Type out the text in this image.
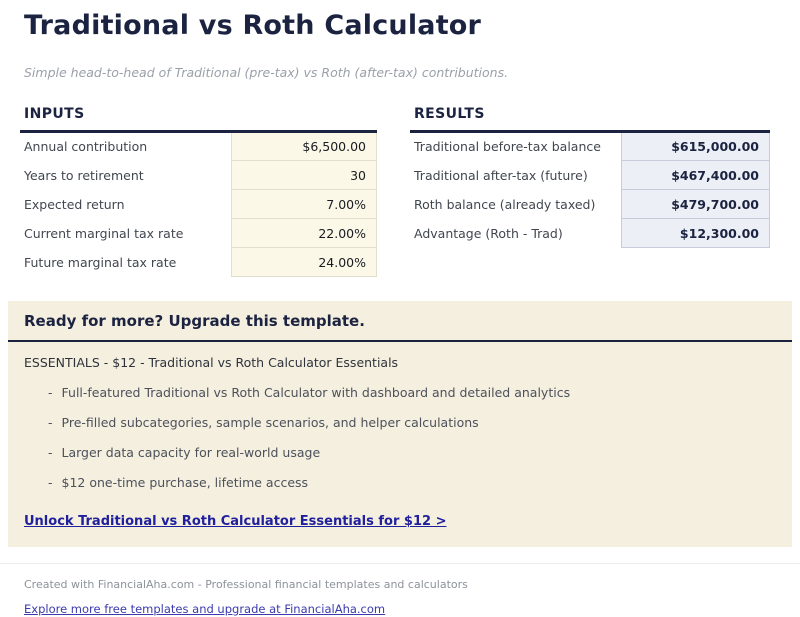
Traditional vs Roth Calculator
Simple head-to-head of Traditional (pre-tax) vs Roth (after-tax) contributions.
INPUTS
Annual contribution	$6,500.00
Years to retirement	30
Expected return	7.00%
Current marginal tax rate	22.00%
Future marginal tax rate	24.00%
RESULTS
Traditional before-tax balance	$615,000.00
Traditional after-tax (future)	$467,400.00
Roth balance (already taxed)	$479,700.00
Advantage (Roth - Trad)	$12,300.00
Ready for more? Upgrade this template.
ESSENTIALS - $12 - Traditional vs Roth Calculator Essentials
- Full-featured Traditional vs Roth Calculator with dashboard and detailed analytics
- Pre-filled subcategories, sample scenarios, and helper calculations
- Larger data capacity for real-world usage
- $12 one-time purchase, lifetime access
Unlock Traditional vs Roth Calculator Essentials for $12 >
Created with FinancialAha.com - Professional financial templates and calculators
Explore more free templates and upgrade at FinancialAha.com
